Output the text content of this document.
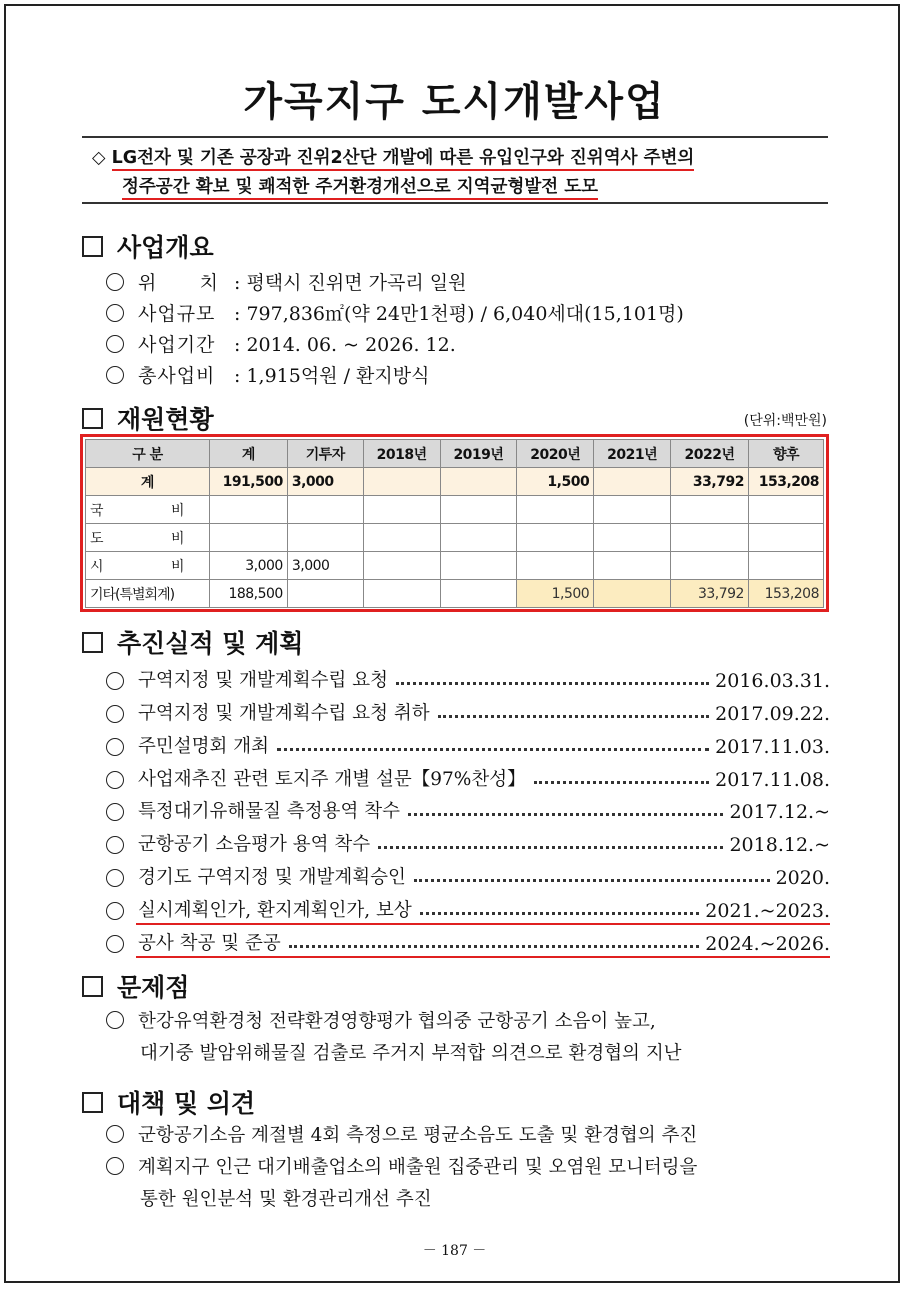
가곡지구 도시개발사업
◇ LG전자 및 기존 공장과 진위2산단 개발에 따른 유입인구와 진위역사 주변의
정주공간 확보 및 쾌적한 주거환경개선으로 지역균형발전 도모
사업개요
위      치 : 평택시 진위면 가곡리 일원
사업규모 : 797,836㎡(약 24만1천평) / 6,040세대(15,101명)
사업기간 : 2014. 06. ~ 2026. 12.
총사업비 : 1,915억원 / 환지방식
재원현황	(단위:백만원)
구 분	계	기투자	2018년	2019년	2020년	2021년	2022년	향후
계	191,500	3,000			1,500		33,792	153,208
국 비								
도 비								
시 비	3,000	3,000						
기타(특별회계)	188,500				1,500		33,792	153,208
추진실적 및 계획
구역지정 및 개발계획수립 요청	2016.03.31.
구역지정 및 개발계획수립 요청 취하	2017.09.22.
주민설명회 개최	2017.11.03.
사업재추진 관련 토지주 개별 설문【97%찬성】	2017.11.08.
특정대기유해물질 측정용역 착수	2017.12.~
군항공기 소음평가 용역 착수	2018.12.~
경기도 구역지정 및 개발계획승인	2020.
실시계획인가, 환지계획인가, 보상	2021.~2023.
공사 착공 및 준공	2024.~2026.
문제점
한강유역환경청 전략환경영향평가 협의중 군항공기 소음이 높고,
대기중 발암위해물질 검출로 주거지 부적합 의견으로 환경협의 지난
대책 및 의견
군항공기소음 계절별 4회 측정으로 평균소음도 도출 및 환경협의 추진
계획지구 인근 대기배출업소의 배출원 집중관리 및 오염원 모니터링을
통한 원인분석 및 환경관리개선 추진
－ 187 －
